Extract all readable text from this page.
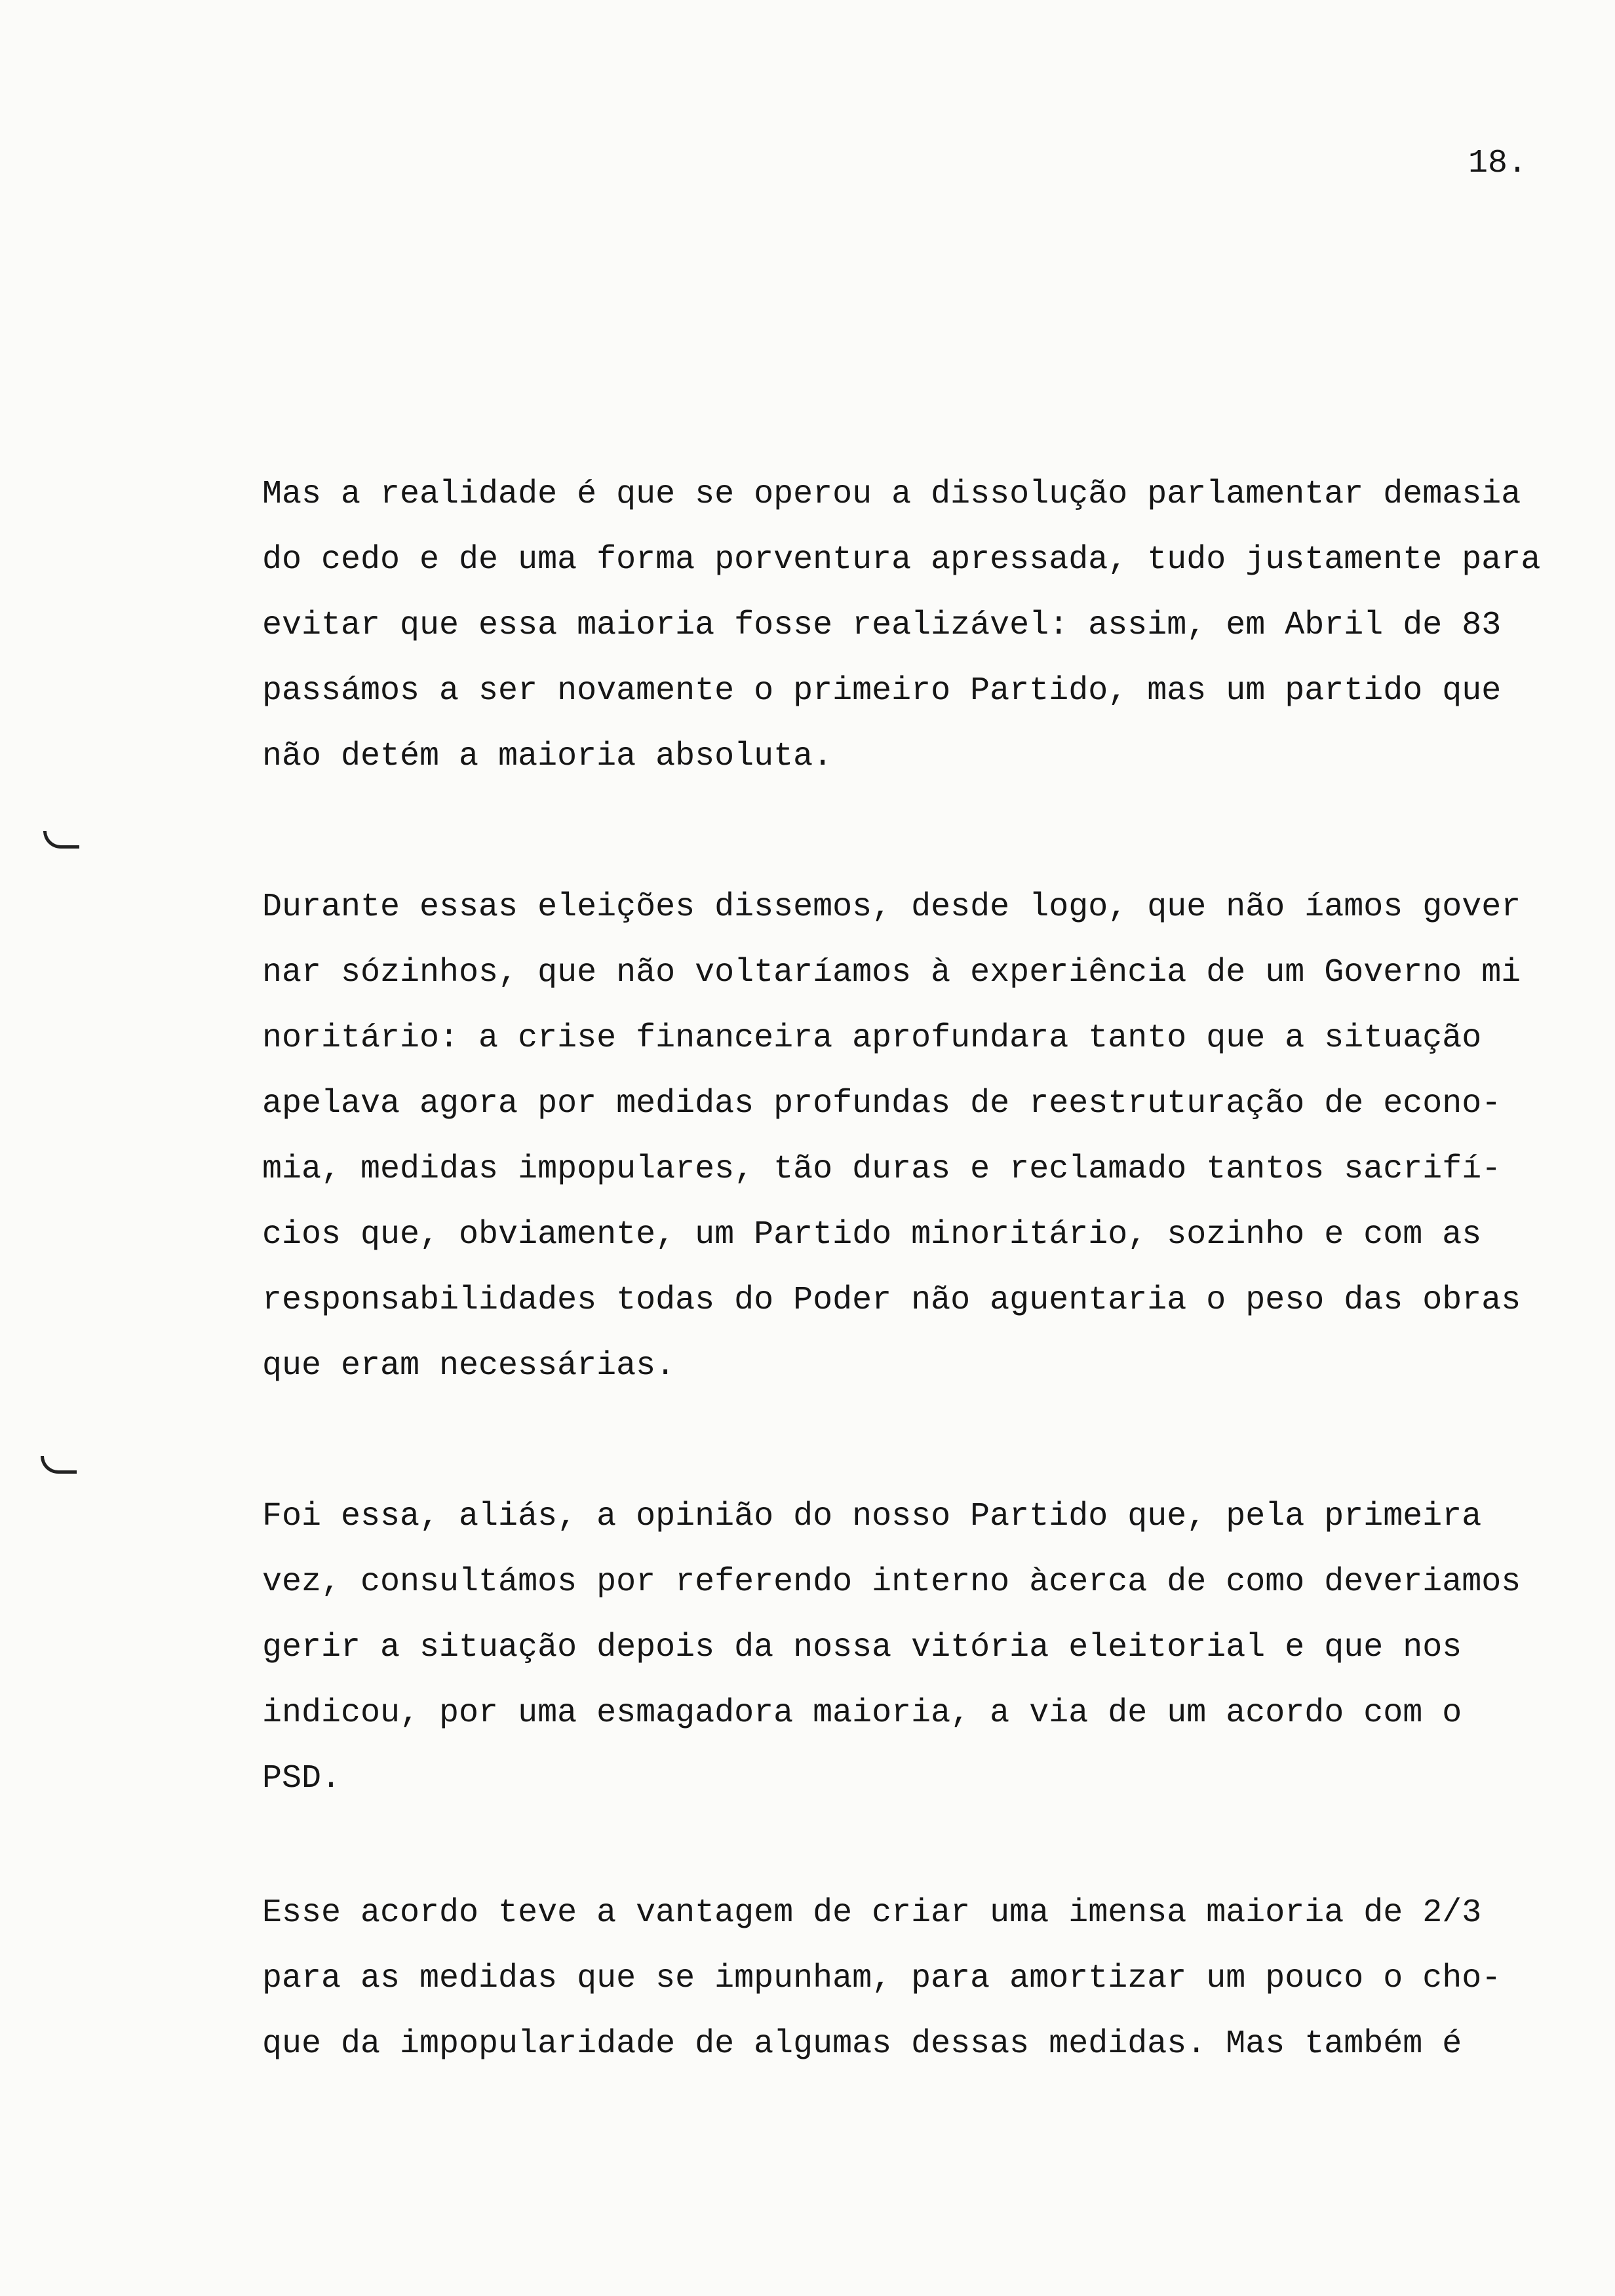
18.
Mas a realidade é que se operou a dissolução parlamentar demasia
do cedo e de uma forma porventura apressada, tudo justamente para
evitar que essa maioria fosse realizável: assim, em Abril de 83
passámos a ser novamente o primeiro Partido, mas um partido que
não detém a maioria absoluta.
Durante essas eleições dissemos, desde logo, que não íamos gover
nar sózinhos, que não voltaríamos à experiência de um Governo mi
noritário: a crise financeira aprofundara tanto que a situação
apelava agora por medidas profundas de reestruturação de econo-
mia, medidas impopulares, tão duras e reclamado tantos sacrifí-
cios que, obviamente, um Partido minoritário, sozinho e com as
responsabilidades todas do Poder não aguentaria o peso das obras
que eram necessárias.
Foi essa, aliás, a opinião do nosso Partido que, pela primeira
vez, consultámos por referendo interno àcerca de como deveriamos
gerir a situação depois da nossa vitória eleitorial e que nos
indicou, por uma esmagadora maioria, a via de um acordo com o
PSD.
Esse acordo teve a vantagem de criar uma imensa maioria de 2/3
para as medidas que se impunham, para amortizar um pouco o cho-
que da impopularidade de algumas dessas medidas. Mas também é
